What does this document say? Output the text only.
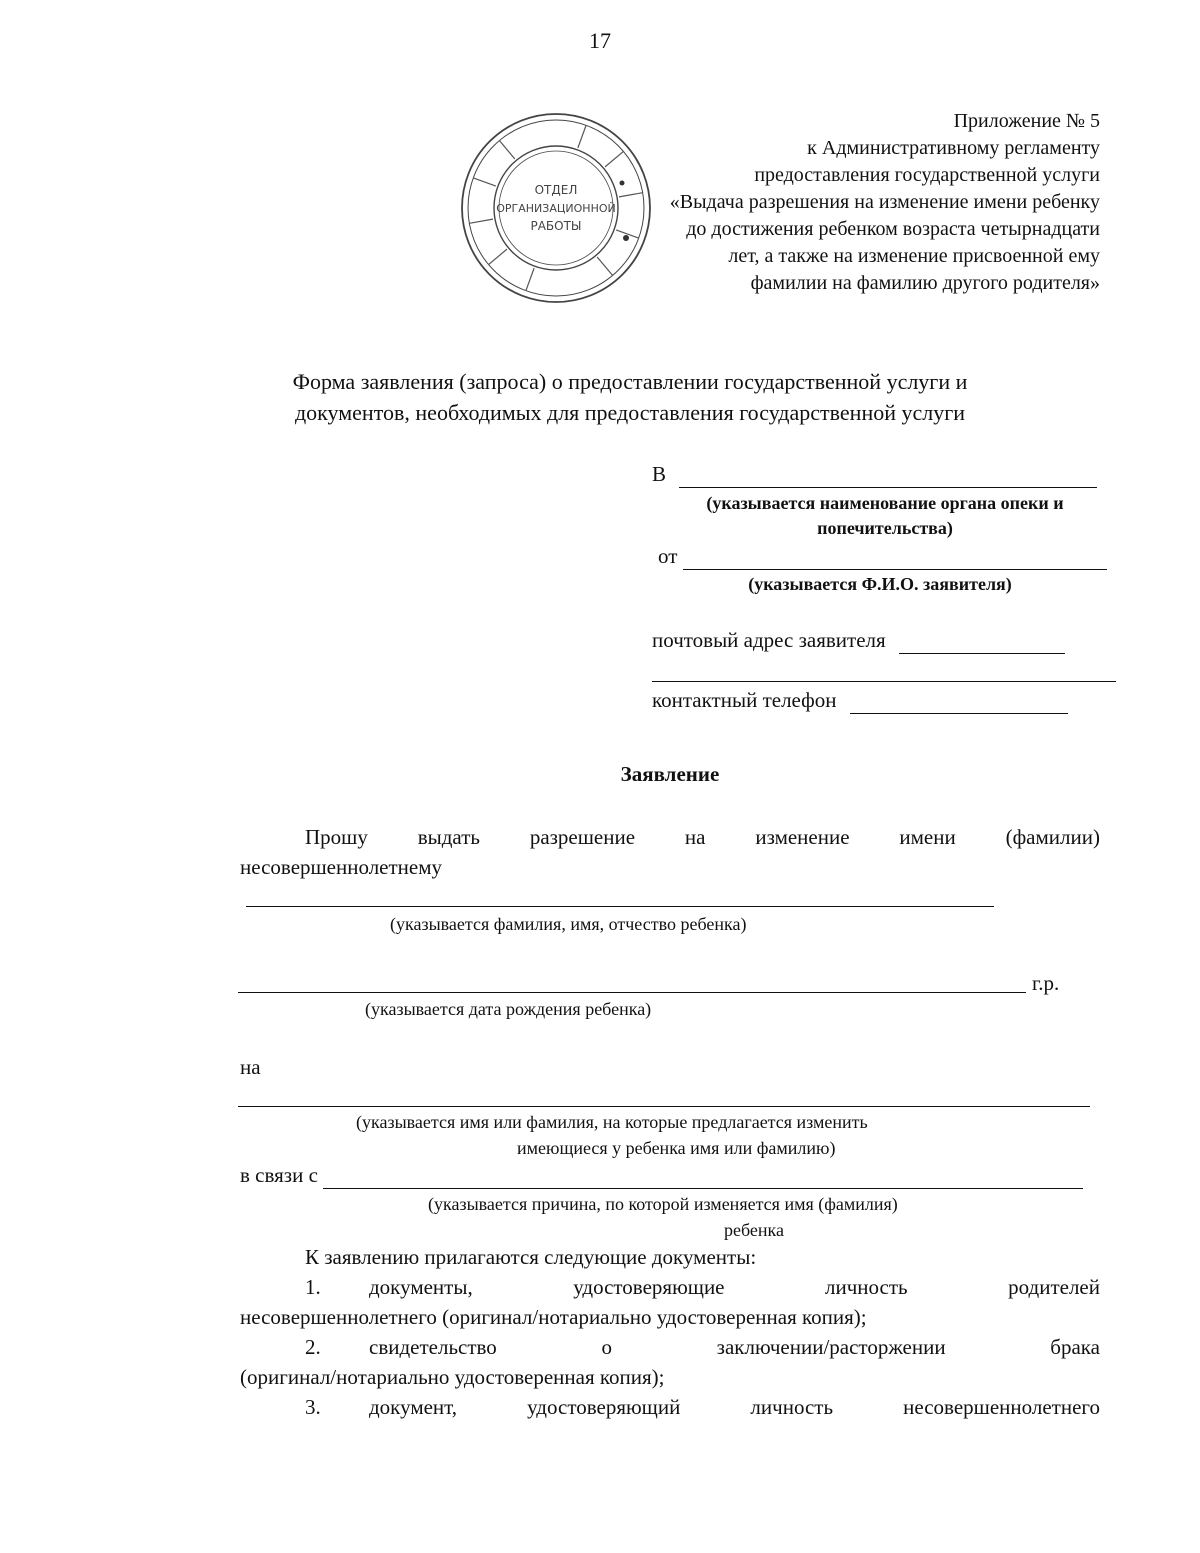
17
ОТДЕЛ
ОРГАНИЗАЦИОННОЙ
РАБОТЫ
Приложение № 5
к Административному регламенту
предоставления государственной услуги
«Выдача разрешения на изменение имени ребенку
до достижения ребенком возраста четырнадцати
лет, а также на изменение присвоенной ему
фамилии на фамилию другого родителя»
Форма заявления (запроса) о предоставлении государственной услуги и
документов, необходимых для предоставления государственной услуги
В
(указывается наименование органа опеки и попечительства)
от
(указывается Ф.И.О. заявителя)
почтовый адрес заявителя
контактный телефон
Заявление
Прошу выдать разрешение на изменение имени (фамилии)
несовершеннолетнему
(указывается фамилия, имя, отчество ребенка)
г.р.
(указывается дата рождения ребенка)
на
(указывается имя или фамилия, на которые предлагается изменить
имеющиеся у ребенка имя или фамилию)
в связи с
(указывается причина, по которой изменяется имя (фамилия)
ребенка
К заявлению прилагаются следующие документы:
1.	документы,	удостоверяющие	личность	родителей
несовершеннолетнего (оригинал/нотариально удостоверенная копия);
2.	свидетельство	о	заключении/расторжении	брака
(оригинал/нотариально удостоверенная копия);
3.	документ,	удостоверяющий	личность	несовершеннолетнего
